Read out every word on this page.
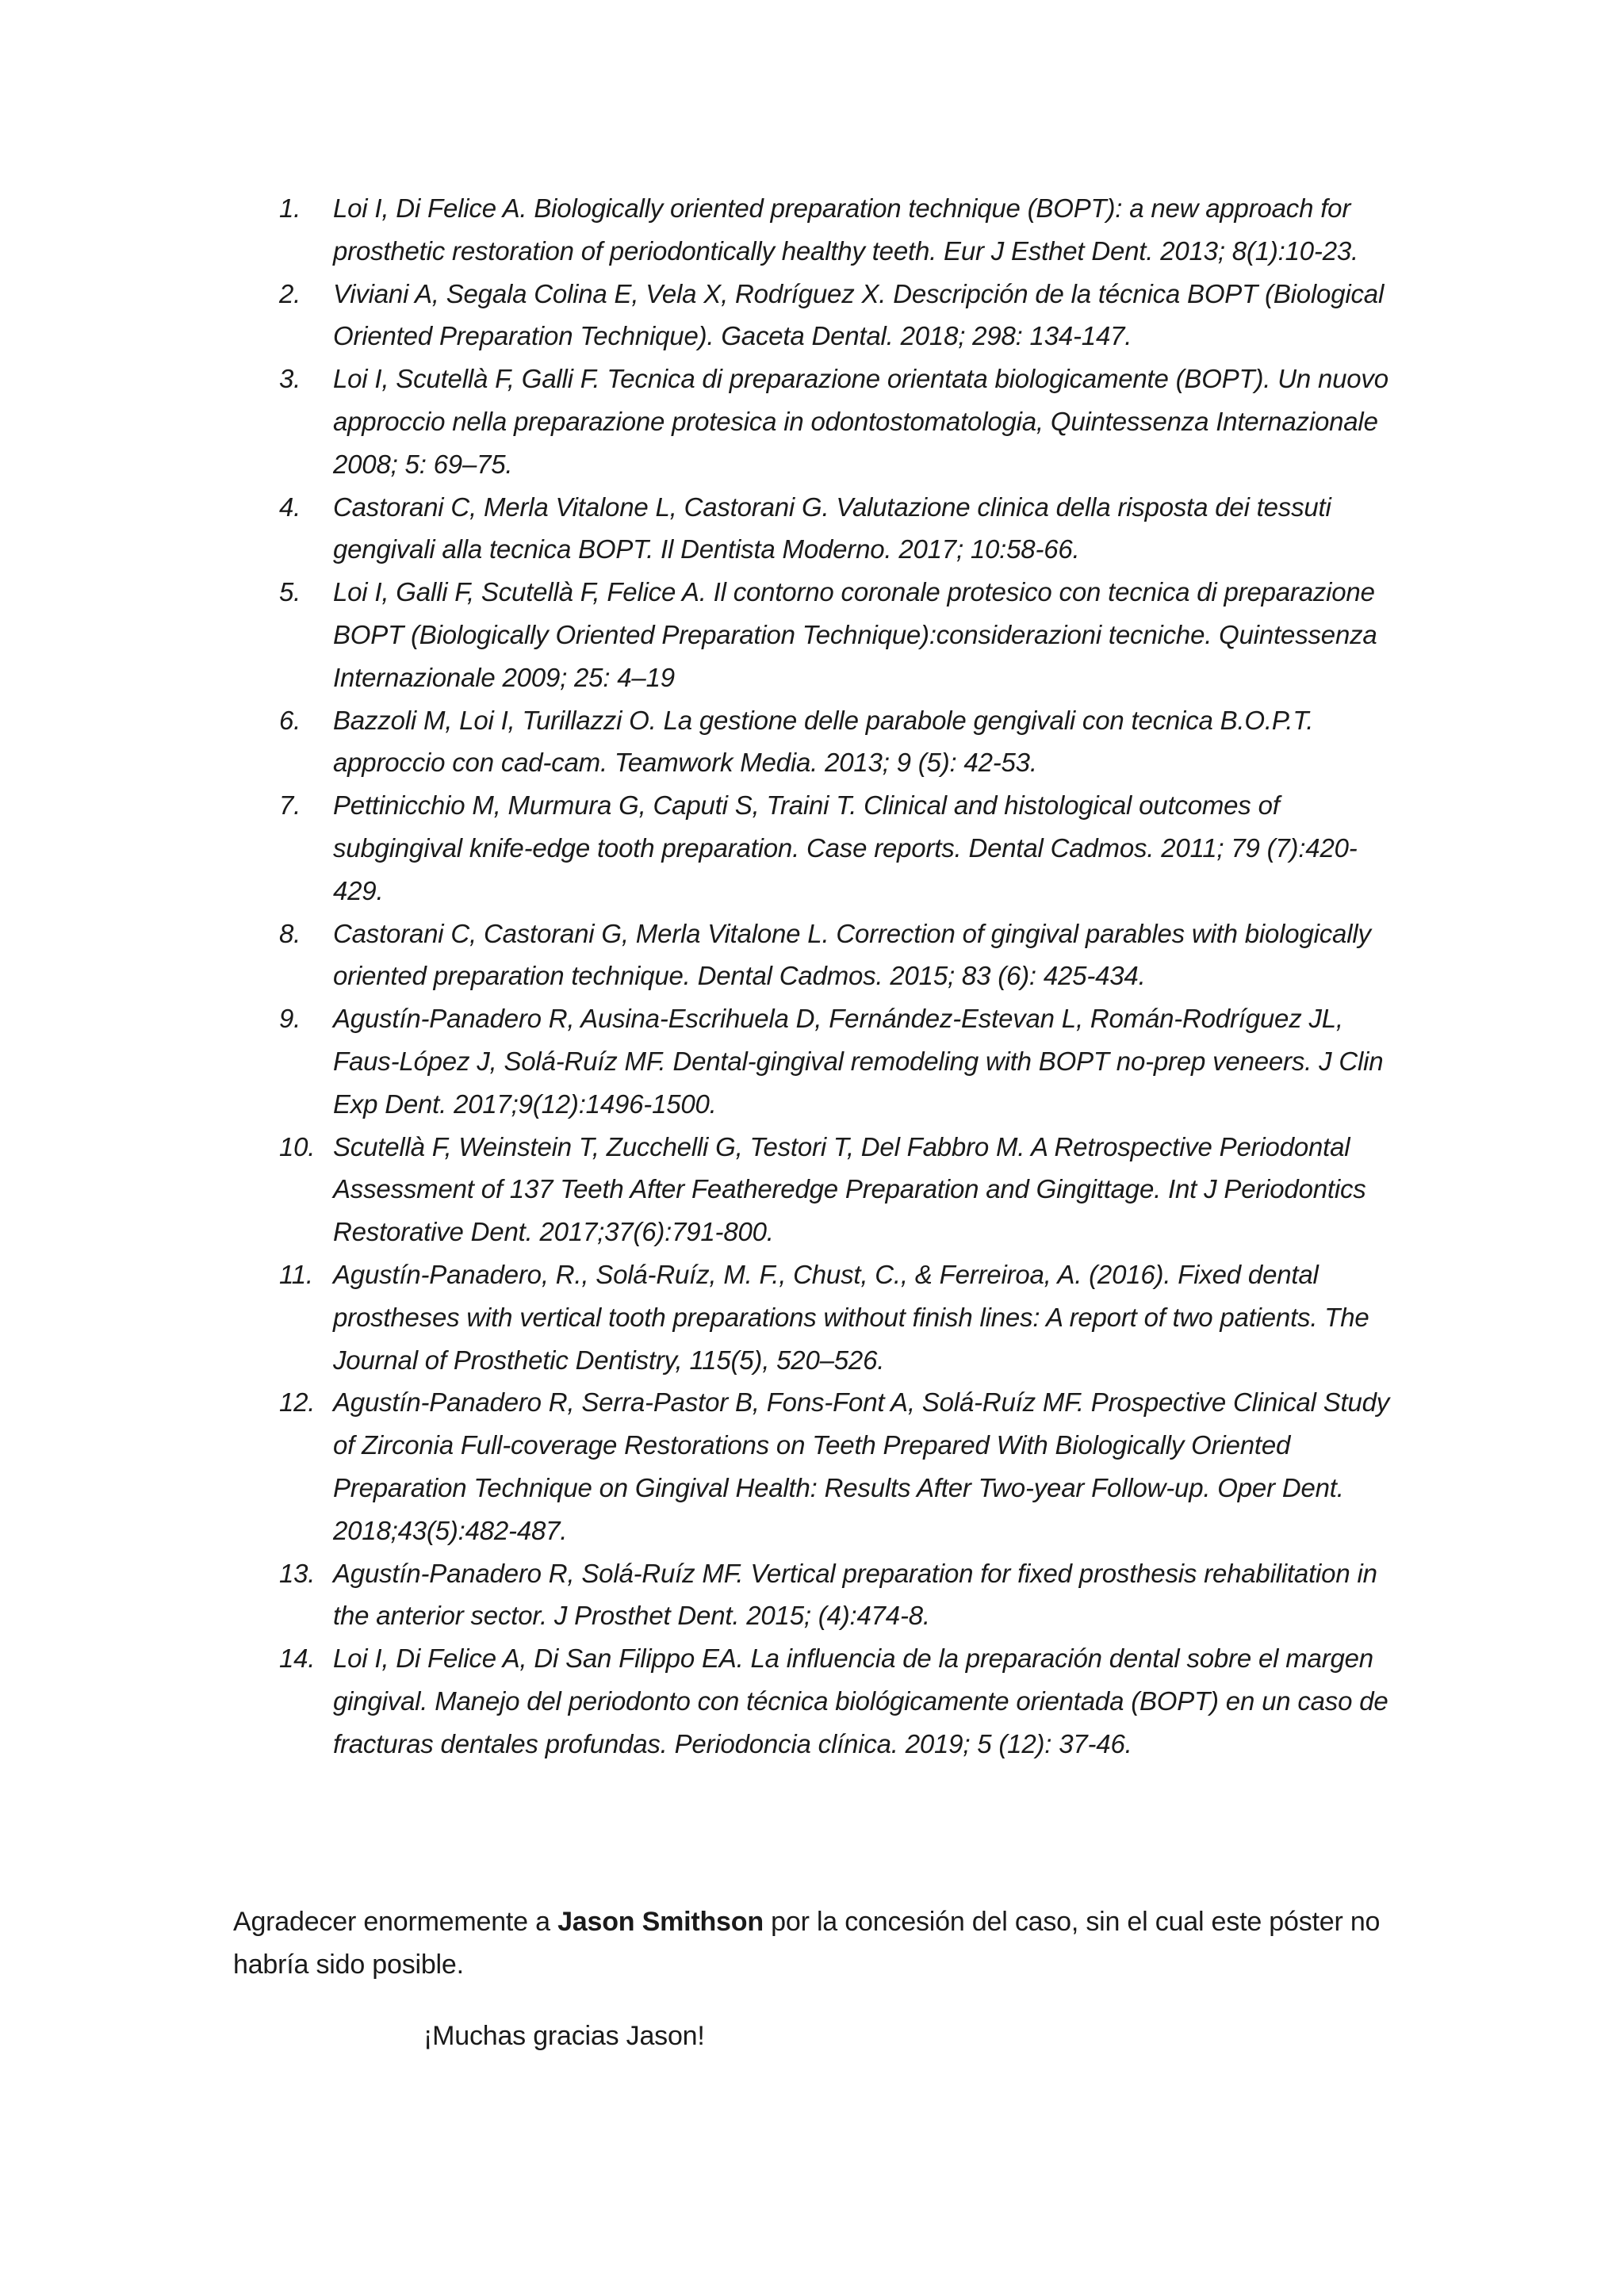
1.	Loi I, Di Felice A. Biologically oriented preparation technique (BOPT): a new approach for prosthetic restoration of periodontically healthy teeth. Eur J Esthet Dent. 2013; 8(1):10-23.
2.	Viviani A, Segala Colina E, Vela X, Rodríguez X. Descripción de la técnica BOPT (Biological Oriented Preparation Technique). Gaceta Dental. 2018; 298: 134-147.
3.	Loi I, Scutellà F, Galli F. Tecnica di preparazione orientata biologicamente (BOPT). Un nuovo approccio nella preparazione protesica in odontostomatologia, Quintessenza Internazionale 2008; 5: 69–75.
4.	Castorani C, Merla Vitalone L, Castorani G. Valutazione clinica della risposta dei tessuti gengivali alla tecnica BOPT. Il Dentista Moderno. 2017; 10:58-66.
5.	Loi I, Galli F, Scutellà F, Felice A. Il contorno coronale protesico con tecnica di preparazione BOPT (Biologically Oriented Preparation Technique):considerazioni tecniche. Quintessenza Internazionale 2009; 25: 4–19
6.	Bazzoli M, Loi I, Turillazzi O. La gestione delle parabole gengivali con tecnica B.O.P.T. approccio con cad-cam. Teamwork Media. 2013; 9 (5): 42-53.
7.	Pettinicchio M, Murmura G, Caputi S, Traini T. Clinical and histological outcomes of subgingival knife-edge tooth preparation. Case reports. Dental Cadmos. 2011; 79 (7):420-429.
8.	Castorani C, Castorani G, Merla Vitalone L. Correction of gingival parables with biologically oriented preparation technique. Dental Cadmos. 2015; 83 (6): 425-434.
9.	Agustín-Panadero R, Ausina-Escrihuela D, Fernández-Estevan L, Román-Rodríguez JL, Faus-López J, Solá-Ruíz MF. Dental-gingival remodeling with BOPT no-prep veneers. J Clin Exp Dent. 2017;9(12):1496-1500.
10. Scutellà F, Weinstein T, Zucchelli G, Testori T, Del Fabbro M. A Retrospective Periodontal Assessment of 137 Teeth After Featheredge Preparation and Gingittage. Int J Periodontics Restorative Dent. 2017;37(6):791-800.
11. Agustín-Panadero, R., Solá-Ruíz, M. F., Chust, C., & Ferreiroa, A. (2016). Fixed dental prostheses with vertical tooth preparations without finish lines: A report of two patients. The Journal of Prosthetic Dentistry, 115(5), 520–526.
12. Agustín-Panadero R, Serra-Pastor B, Fons-Font A, Solá-Ruíz MF. Prospective Clinical Study of Zirconia Full-coverage Restorations on Teeth Prepared With Biologically Oriented Preparation Technique on Gingival Health: Results After Two-year Follow-up. Oper Dent. 2018;43(5):482-487.
13. Agustín-Panadero R, Solá-Ruíz MF. Vertical preparation for fixed prosthesis rehabilitation in the anterior sector. J Prosthet Dent. 2015; (4):474-8.
14. Loi I, Di Felice A, Di San Filippo EA. La influencia de la preparación dental sobre el margen gingival. Manejo del periodonto con técnica biológicamente orientada (BOPT) en un caso de fracturas dentales profundas. Periodoncia clínica. 2019; 5 (12): 37-46.

Agradecer enormemente a Jason Smithson por la concesión del caso, sin el cual este póster no habría sido posible.

¡Muchas gracias Jason!
